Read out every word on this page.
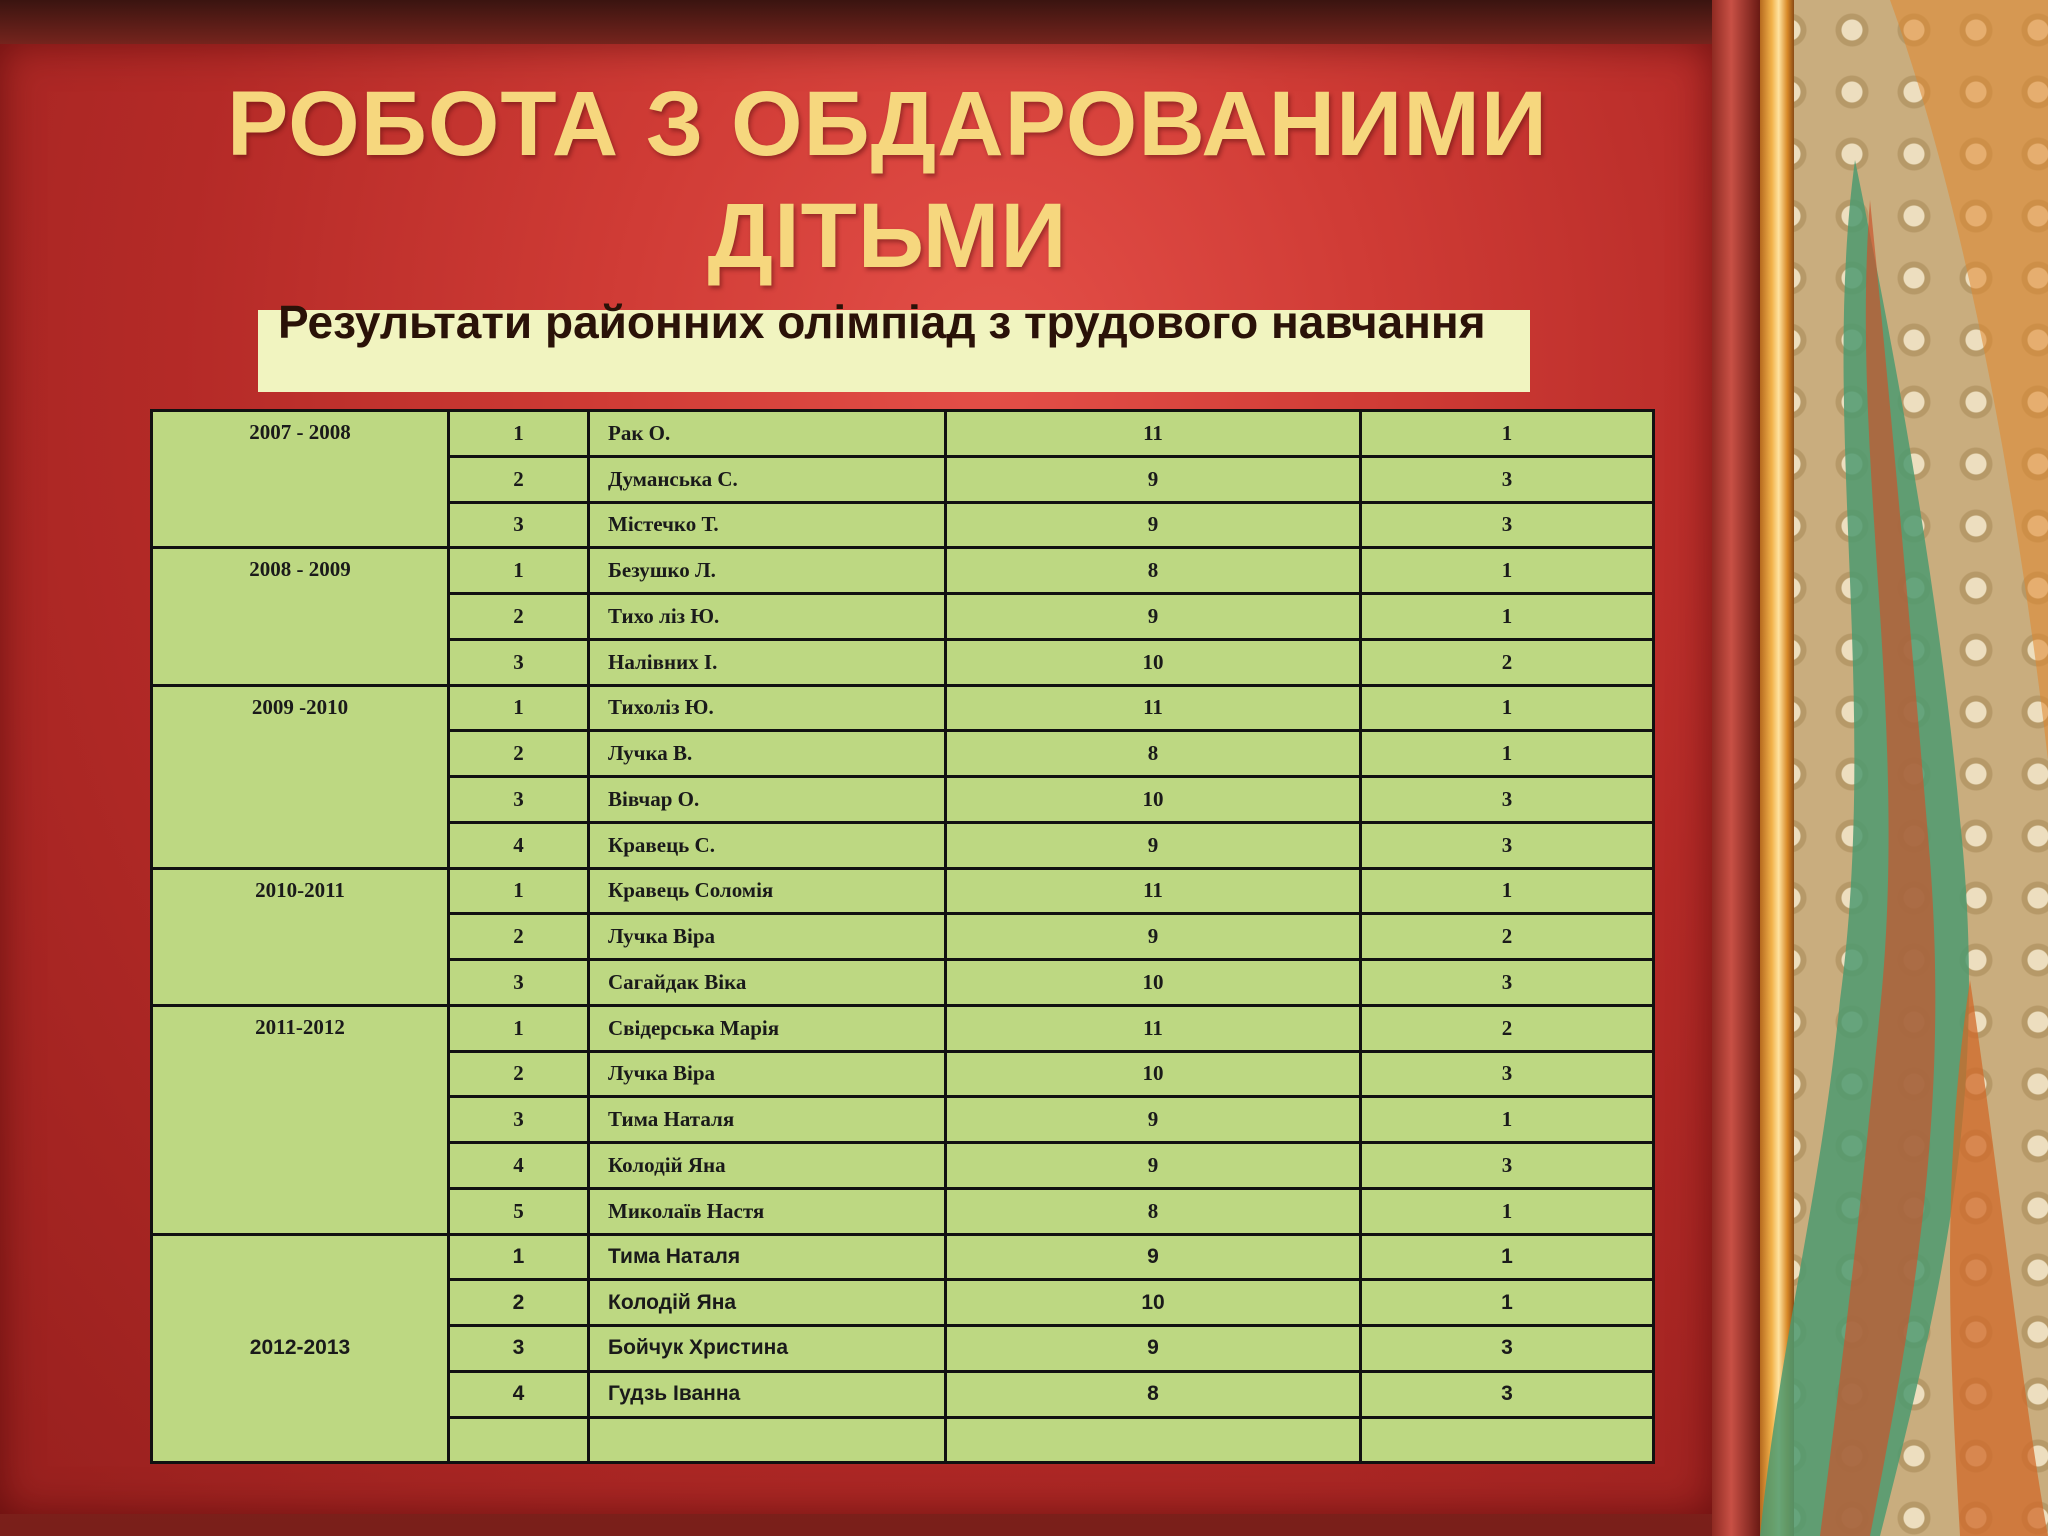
РОБОТА З ОБДАРОВАНИМИ
ДІТЬМИ
Результати районних олімпіад з трудового навчання
2007 - 2008	1	Рак О.	11	1
	2	Думанська С.	9	3
	3	Містечко Т.	9	3
2008 - 2009	1	Безушко Л.	8	1
	2	Тихо ліз Ю.	9	1
	3	Налівних І.	10	2
2009 -2010	1	Тихоліз Ю.	11	1
	2	Лучка В.	8	1
	3	Вівчар О.	10	3
	4	Кравець С.	9	3
2010-2011	1	Кравець Соломія	11	1
	2	Лучка Віра	9	2
	3	Сагайдак Віка	10	3
2011-2012	1	Свідерська Марія	11	2
	2	Лучка Віра	10	3
	3	Тима Наталя	9	1
	4	Колодій Яна	9	3
	5	Миколаїв Настя	8	1
2012-2013	1	Тима Наталя	9	1
	2	Колодій Яна	10	1
	3	Бойчук Христина	9	3
	4	Гудзь Іванна	8	3
